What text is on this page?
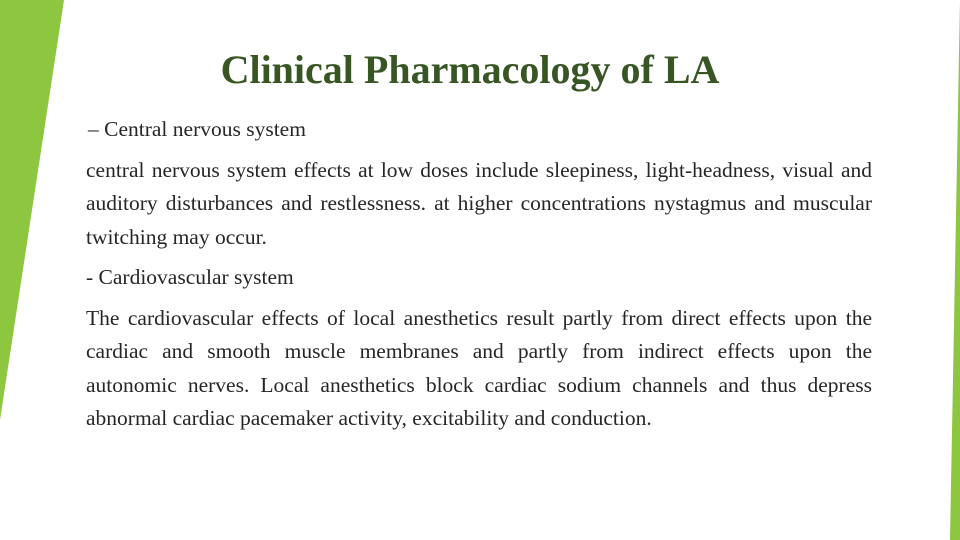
Clinical Pharmacology of LA

– Central nervous system

central nervous system effects at low doses include sleepiness, light-headness, visual and auditory disturbances and restlessness. at higher concentrations nystagmus and muscular twitching may occur.

- Cardiovascular system

The cardiovascular effects of local anesthetics result partly from direct effects upon the cardiac and smooth muscle membranes and partly from indirect effects upon the autonomic nerves. Local anesthetics block cardiac sodium channels and thus depress abnormal cardiac pacemaker activity, excitability and conduction.
